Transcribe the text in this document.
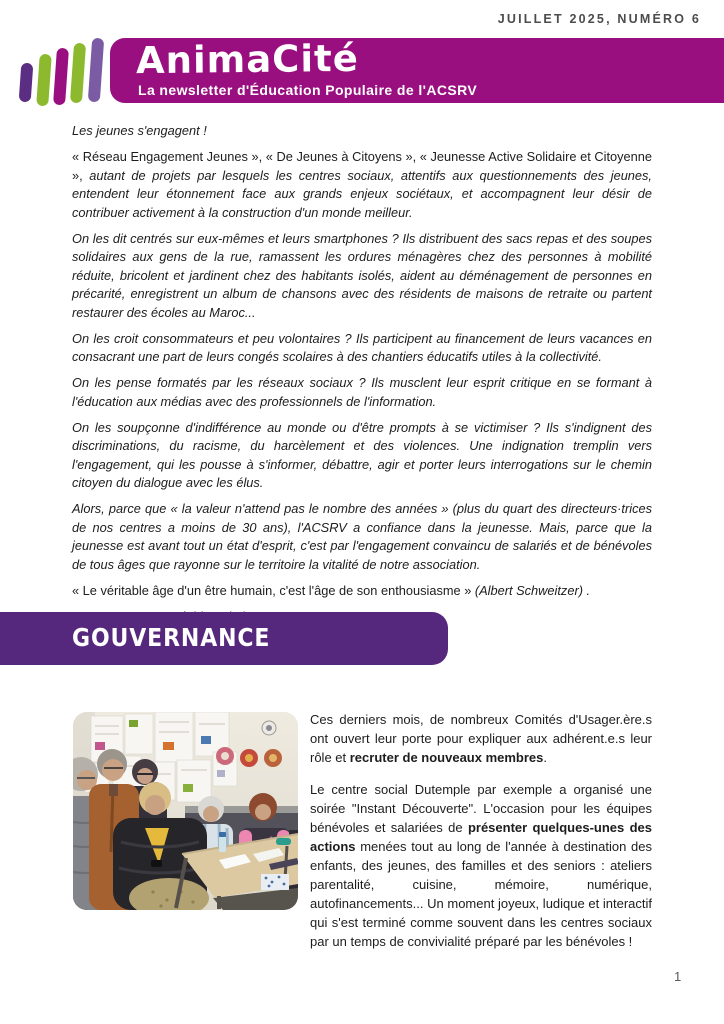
JUILLET 2025, NUMÉRO 6
AnimaCité
La newsletter d'Éducation Populaire de l'ACSRV

Les jeunes s'engagent !

« Réseau Engagement Jeunes », « De Jeunes à Citoyens », « Jeunesse Active Solidaire et Citoyenne », autant de projets par lesquels les centres sociaux, attentifs aux questionnements des jeunes, entendent leur étonnement face aux grands enjeux sociétaux, et accompagnent leur désir de contribuer activement à la construction d'un monde meilleur.

On les dit centrés sur eux-mêmes et leurs smartphones ? Ils distribuent des sacs repas et des soupes solidaires aux gens de la rue, ramassent les ordures ménagères chez des personnes à mobilité réduite, bricolent et jardinent chez des habitants isolés, aident au déménagement de personnes en précarité, enregistrent un album de chansons avec des résidents de maisons de retraite ou partent restaurer des écoles au Maroc...

On les croit consommateurs et peu volontaires ? Ils participent au financement de leurs vacances en consacrant une part de leurs congés scolaires à des chantiers éducatifs utiles à la collectivité.

On les pense formatés par les réseaux sociaux ? Ils musclent leur esprit critique en se formant à l'éducation aux médias avec des professionnels de l'information.

On les soupçonne d'indifférence au monde ou d'être prompts à se victimiser ? Ils s'indignent des discriminations, du racisme, du harcèlement et des violences. Une indignation tremplin vers l'engagement, qui les pousse à s'informer, débattre, agir et porter leurs interrogations sur le chemin citoyen du dialogue avec les élus.

Alors, parce que « la valeur n'attend pas le nombre des années » (plus du quart des directeurs·trices de nos centres a moins de 30 ans), l'ACSRV a confiance dans la jeunesse. Mais, parce que la jeunesse est avant tout un état d'esprit, c'est par l'engagement convaincu de salariés et de bénévoles de tous âges que rayonne sur le territoire la vitalité de notre association.

« Le véritable âge d'un être humain, c'est l'âge de son enthousiasme » (Albert Schweitzer) .

GOUVERNANCE

Ces derniers mois, de nombreux Comités d'Usager.ère.s ont ouvert leur porte pour expliquer aux adhérent.e.s leur rôle et recruter de nouveaux membres.

Le centre social Dutemple par exemple a organisé une soirée "Instant Découverte". L'occasion pour les équipes bénévoles et salariées de présenter quelques-unes des actions menées tout au long de l'année à destination des enfants, des jeunes, des familles et des seniors : ateliers parentalité, cuisine, mémoire, numérique, autofinancements... Un moment joyeux, ludique et interactif qui s'est terminé comme souvent dans les centres sociaux par un temps de convivialité préparé par les bénévoles !

1
